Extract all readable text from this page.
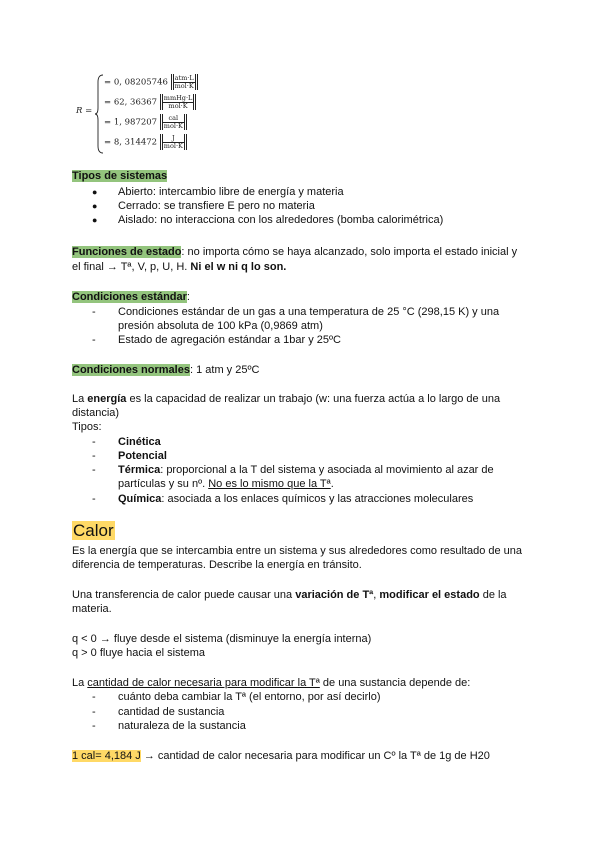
R =
= 0, $08205746 \frac{\text{atm·L}}{\text{mol·K}}$
= 62, $36367 \frac{\text{mmHg·L}}{\text{mol·K}}$
= 1, $987207 \frac{\text{cal}}{\text{mol·K}}$
= 8, $314472 \frac{J}{\text{mol·K}}$
Tipos de sistemas
● Abierto: intercambio libre de energía y materia
● Cerrado: se transfiere E pero no materia
● Aislado: no interacciona con los alrededores (bomba calorimétrica)
Funciones de estado: no importa cómo se haya alcanzado, solo importa el estado inicial y
el final → Tª, V, p, U, H. Ni el w ni q lo son.
Condiciones estándar:
- Condiciones estándar de un gas a una temperatura de 25 °C (298,15 K) y una
presión absoluta de 100 kPa (0,9869 atm)
- Estado de agregación estándar a 1bar y 25ºC
Condiciones normales: 1 atm y 25ºC
La energía es la capacidad de realizar un trabajo (w: una fuerza actúa a lo largo de una
distancia)
Tipos:
- Cinética
- Potencial
- Térmica: proporcional a la T del sistema y asociada al movimiento al azar de
partículas y su nº. No es lo mismo que la Tª.
- Química: asociada a los enlaces químicos y las atracciones moleculares
Calor
Es la energía que se intercambia entre un sistema y sus alrededores como resultado de una
diferencia de temperaturas. Describe la energía en tránsito.
Una transferencia de calor puede causar una variación de Tª, modificar el estado de la
materia.
q < 0 → fluye desde el sistema (disminuye la energía interna)
q > 0 fluye hacia el sistema
La cantidad de calor necesaria para modificar la Tª de una sustancia depende de:
- cuánto deba cambiar la Tª (el entorno, por así decirlo)
- cantidad de sustancia
- naturaleza de la sustancia
1 cal= 4,184 J → cantidad de calor necesaria para modificar un Cº la Tª de 1g de H20
